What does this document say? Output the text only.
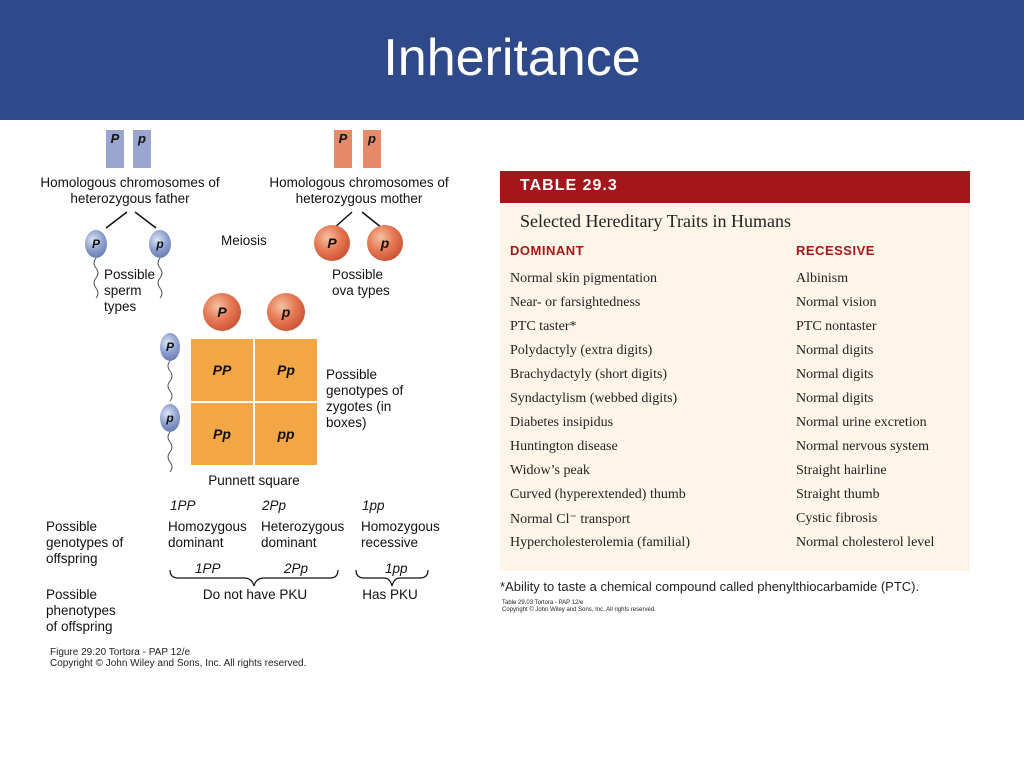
Inheritance
P	p
Homologous chromosomes of heterozygous father
P	p
Homologous chromosomes of heterozygous mother
P	p	Meiosis	P	p
Possible sperm types
Possible ova types
P	p
P
p
PP	Pp
Pp	pp
Possible genotypes of zygotes (in boxes)
Punnett square
Possible genotypes of offspring
1PP
Homozygous dominant
2Pp
Heterozygous dominant
1pp
Homozygous recessive
1PP	2Pp	1pp
Possible phenotypes of offspring
Do not have PKU	Has PKU
Figure 29.20 Tortora - PAP 12/e
Copyright © John Wiley and Sons, Inc. All rights reserved.
TABLE 29.3
Selected Hereditary Traits in Humans
DOMINANT	RECESSIVE
Normal skin pigmentation	Albinism
Near- or farsightedness	Normal vision
PTC taster*	PTC nontaster
Polydactyly (extra digits)	Normal digits
Brachydactyly (short digits)	Normal digits
Syndactylism (webbed digits)	Normal digits
Diabetes insipidus	Normal urine excretion
Huntington disease	Normal nervous system
Widow’s peak	Straight hairline
Curved (hyperextended) thumb	Straight thumb
Normal Cl⁻ transport	Cystic fibrosis
Hypercholesterolemia (familial)	Normal cholesterol level
*Ability to taste a chemical compound called phenylthiocarbamide (PTC).
Table 29.03 Tortora - PAP 12/e
Copyright © John Wiley and Sons, Inc. All rights reserved.
